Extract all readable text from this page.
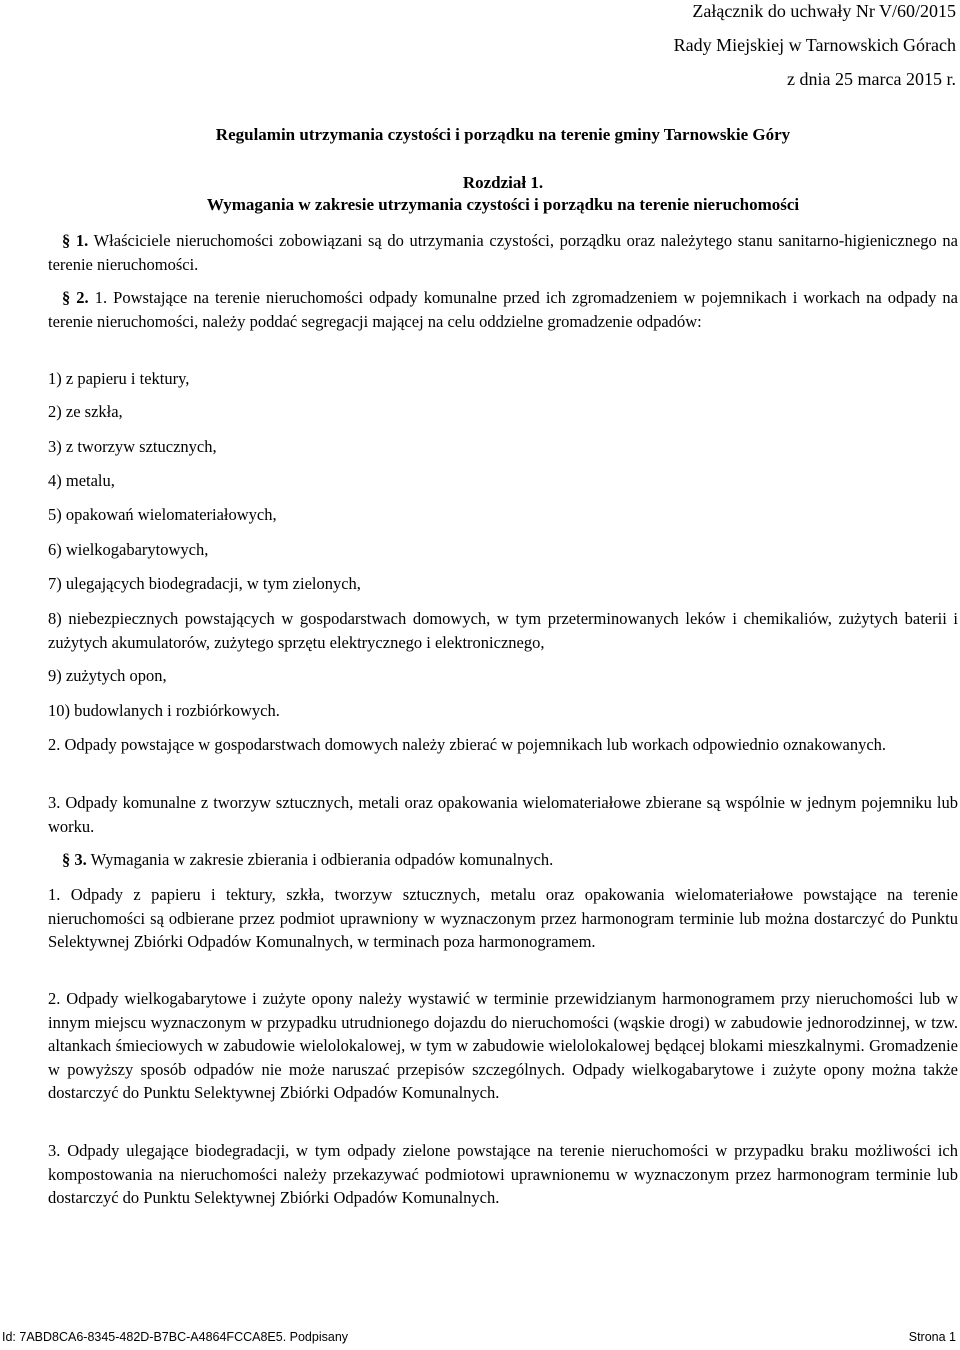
Załącznik do uchwały Nr V/60/2015
Rady Miejskiej w Tarnowskich Górach
z dnia 25 marca 2015 r.
Regulamin utrzymania czystości i porządku na terenie gminy Tarnowskie Góry
Rozdział 1.
Wymagania w zakresie utrzymania czystości i porządku na terenie nieruchomości
§ 1. Właściciele nieruchomości zobowiązani są do utrzymania czystości, porządku oraz należytego stanu sanitarno-higienicznego na terenie nieruchomości.
§ 2. 1. Powstające na terenie nieruchomości odpady komunalne przed ich zgromadzeniem w pojemnikach i workach na odpady na terenie nieruchomości, należy poddać segregacji mającej na celu oddzielne gromadzenie odpadów:
1) z papieru i tektury,
2) ze szkła,
3) z tworzyw sztucznych,
4) metalu,
5) opakowań wielomateriałowych,
6) wielkogabarytowych,
7) ulegających biodegradacji, w tym zielonych,
8) niebezpiecznych powstających w gospodarstwach domowych, w tym przeterminowanych leków i chemikaliów, zużytych baterii i zużytych akumulatorów, zużytego sprzętu elektrycznego i elektronicznego,
9) zużytych opon,
10) budowlanych i rozbiórkowych.
2. Odpady powstające w gospodarstwach domowych należy zbierać w pojemnikach lub workach odpowiednio oznakowanych.
3. Odpady komunalne z tworzyw sztucznych, metali oraz opakowania wielomateriałowe zbierane są wspólnie w jednym pojemniku lub worku.
§ 3. Wymagania w zakresie zbierania i odbierania odpadów komunalnych.
1. Odpady z papieru i tektury, szkła, tworzyw sztucznych, metalu oraz opakowania wielomateriałowe powstające na terenie nieruchomości są odbierane przez podmiot uprawniony w wyznaczonym przez harmonogram terminie lub można dostarczyć do Punktu Selektywnej Zbiórki Odpadów Komunalnych, w terminach poza harmonogramem.
2. Odpady wielkogabarytowe i zużyte opony należy wystawić w terminie przewidzianym harmonogramem przy nieruchomości lub w innym miejscu wyznaczonym w przypadku utrudnionego dojazdu do nieruchomości (wąskie drogi) w zabudowie jednorodzinnej, w tzw. altankach śmieciowych w zabudowie wielolokalowej, w tym w zabudowie wielolokalowej będącej blokami mieszkalnymi. Gromadzenie w powyższy sposób odpadów nie może naruszać przepisów szczególnych. Odpady wielkogabarytowe i zużyte opony można także dostarczyć do Punktu Selektywnej Zbiórki Odpadów Komunalnych.
3. Odpady ulegające biodegradacji, w tym odpady zielone powstające na terenie nieruchomości w przypadku braku możliwości ich kompostowania na nieruchomości należy przekazywać podmiotowi uprawnionemu w wyznaczonym przez harmonogram terminie lub dostarczyć do Punktu Selektywnej Zbiórki Odpadów Komunalnych.
Id: 7ABD8CA6-8345-482D-B7BC-A4864FCCA8E5. Podpisany	Strona 1
